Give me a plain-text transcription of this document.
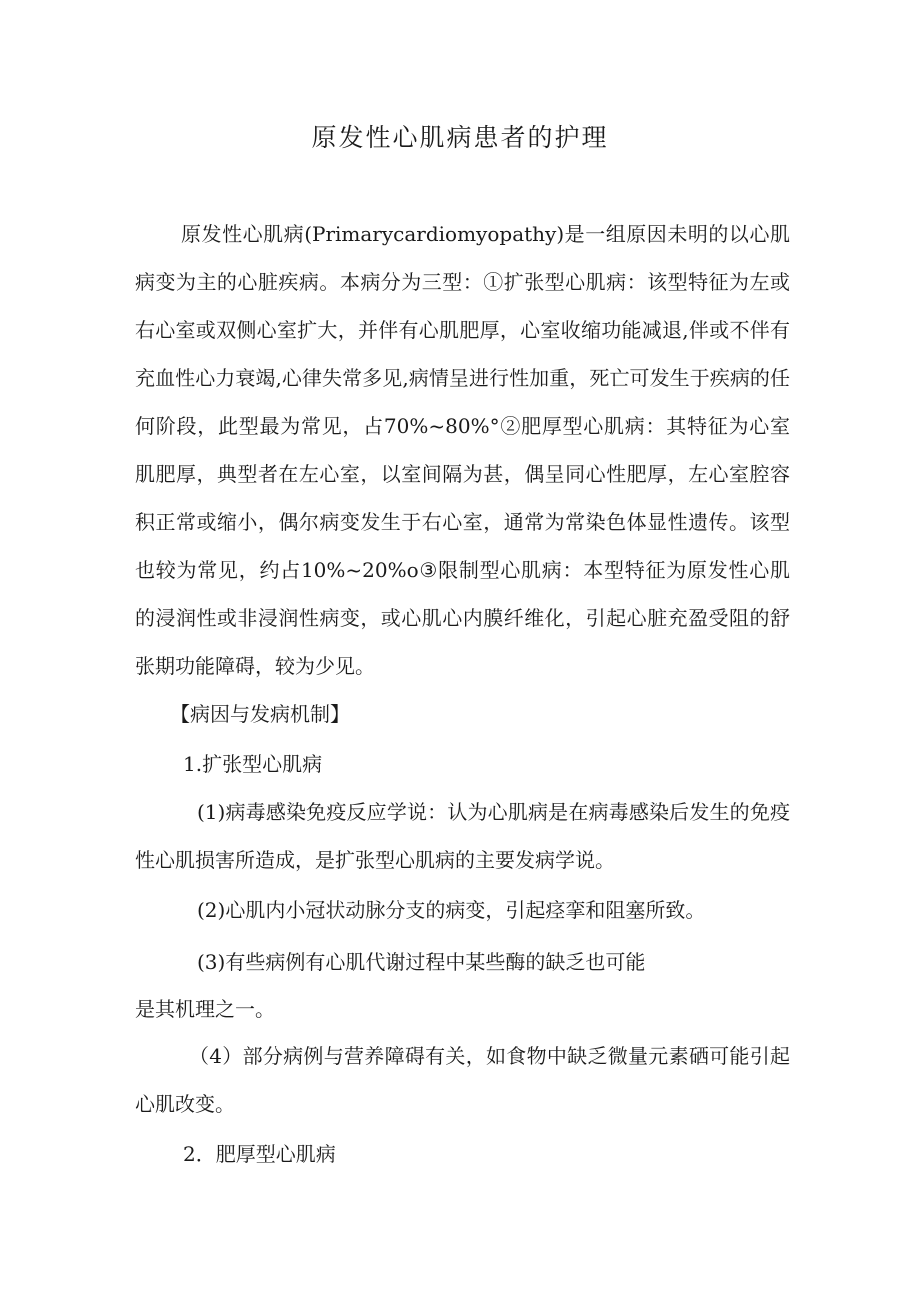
原发性心肌病患者的护理
原发性心肌病(Primarycardiomyopathy)是一组原因未明的以心肌病变为主的心脏疾病。本病分为三型：①扩张型心肌病：该型特征为左或右心室或双侧心室扩大，并伴有心肌肥厚，心室收缩功能减退,伴或不伴有充血性心力衰竭,心律失常多见,病情呈进行性加重，死亡可发生于疾病的任何阶段，此型最为常见，占70%~80%°②肥厚型心肌病：其特征为心室肌肥厚，典型者在左心室，以室间隔为甚，偶呈同心性肥厚，左心室腔容积正常或缩小，偶尔病变发生于右心室，通常为常染色体显性遗传。该型也较为常见，约占10%~20%o③限制型心肌病：本型特征为原发性心肌的浸润性或非浸润性病变，或心肌心内膜纤维化，引起心脏充盈受阻的舒张期功能障碍，较为少见。
【病因与发病机制】
1.扩张型心肌病
(1)病毒感染免疫反应学说：认为心肌病是在病毒感染后发生的免疫性心肌损害所造成，是扩张型心肌病的主要发病学说。
(2)心肌内小冠状动脉分支的病变，引起痉挛和阻塞所致。
(3)有些病例有心肌代谢过程中某些酶的缺乏也可能
是其机理之一。
（4）部分病例与营养障碍有关，如食物中缺乏微量元素硒可能引起心肌改变。
2．肥厚型心肌病
